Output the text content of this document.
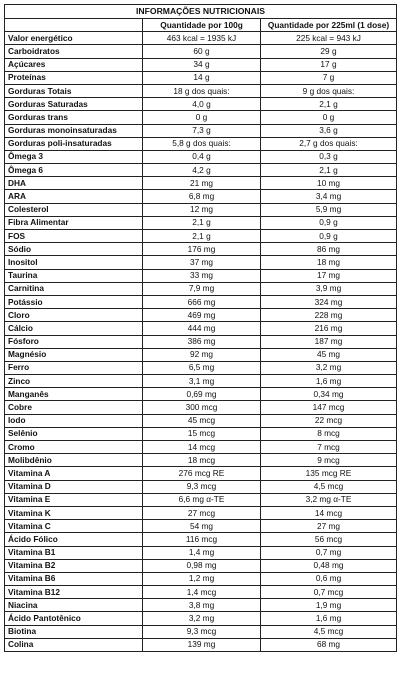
INFORMAÇÕES NUTRICIONAIS		
	Quantidade por 100g	Quantidade por 225ml (1 dose)
Valor energético	463 kcal = 1935 kJ	225 kcal = 943 kJ
Carboidratos	60 g	29 g
Açúcares	34 g	17 g
Proteínas	14 g	7 g
Gorduras Totais	18 g dos quais:	9 g dos quais:
Gorduras Saturadas	4,0 g	2,1 g
Gorduras trans	0 g	0 g
Gorduras monoinsaturadas	7,3 g	3,6 g
Gorduras poli-insaturadas	5,8 g dos quais:	2,7 g dos quais:
Ômega 3	0,4 g	0,3 g
Ômega 6	4,2 g	2,1 g
DHA	21 mg	10 mg
ARA	6,8 mg	3,4 mg
Colesterol	12 mg	5,9 mg
Fibra Alimentar	2,1 g	0,9 g
FOS	2,1 g	0,9 g
Sódio	176 mg	86 mg
Inositol	37 mg	18 mg
Taurina	33 mg	17 mg
Carnitina	7,9 mg	3,9 mg
Potássio	666 mg	324 mg
Cloro	469 mg	228 mg
Cálcio	444 mg	216 mg
Fósforo	386 mg	187 mg
Magnésio	92 mg	45 mg
Ferro	6,5 mg	3,2 mg
Zinco	3,1 mg	1,6 mg
Manganês	0,69 mg	0,34 mg
Cobre	300 mcg	147 mcg
Iodo	45 mcg	22 mcg
Selênio	15 mcg	8 mcg
Cromo	14 mcg	7 mcg
Molibdênio	18 mcg	9 mcg
Vitamina A	276 mcg RE	135 mcg RE
Vitamina D	9,3 mcg	4,5 mcg
Vitamina E	6,6 mg α-TE	3,2 mg α-TE
Vitamina K	27 mcg	14 mcg
Vitamina C	54 mg	27 mg
Ácido Fólico	116 mcg	56 mcg
Vitamina B1	1,4 mg	0,7 mg
Vitamina B2	0,98 mg	0,48 mg
Vitamina B6	1,2 mg	0,6 mg
Vitamina B12	1,4 mcg	0,7 mcg
Niacina	3,8 mg	1,9 mg
Ácido Pantotênico	3,2 mg	1,6 mg
Biotina	9,3 mcg	4,5 mcg
Colina	139 mg	68 mg
